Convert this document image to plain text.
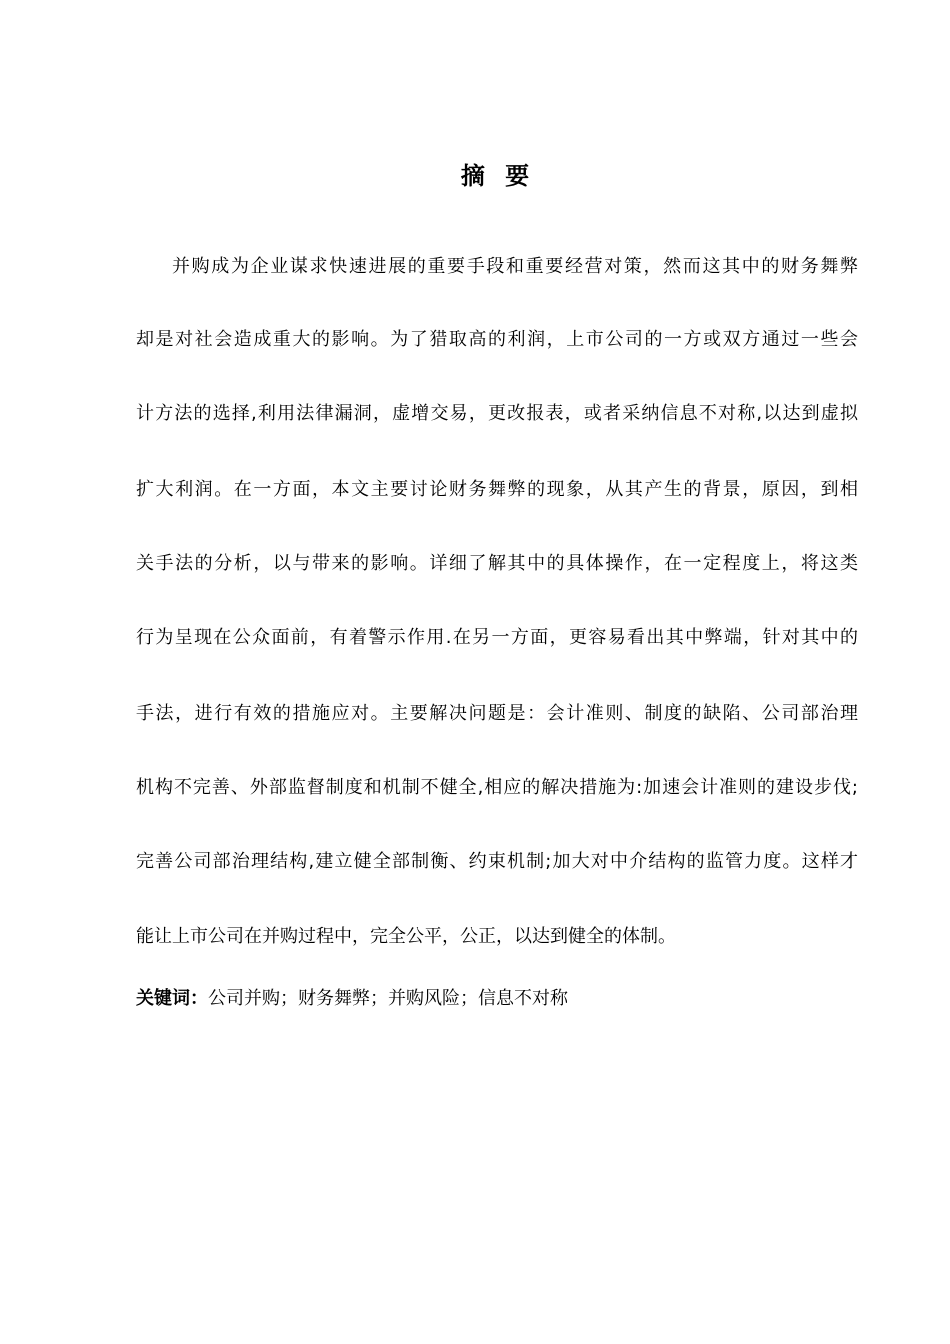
摘 要
并购成为企业谋求快速进展的重要手段和重要经营对策，然而这其中的财务舞弊
却是对社会造成重大的影响。为了猎取高的利润，上市公司的一方或双方通过一些会
计方法的选择,利用法律漏洞，虚增交易，更改报表，或者采纳信息不对称,以达到虚拟
扩大利润。在一方面，本文主要讨论财务舞弊的现象，从其产生的背景，原因，到相
关手法的分析，以与带来的影响。详细了解其中的具体操作，在一定程度上，将这类
行为呈现在公众面前，有着警示作用.在另一方面，更容易看出其中弊端，针对其中的
手法，进行有效的措施应对。主要解决问题是：会计准则、制度的缺陷、公司部治理
机构不完善、外部监督制度和机制不健全,相应的解决措施为:加速会计准则的建设步伐;
完善公司部治理结构,建立健全部制衡、约束机制;加大对中介结构的监管力度。这样才
能让上市公司在并购过程中，完全公平，公正，以达到健全的体制。
关键词：公司并购；财务舞弊；并购风险；信息不对称
